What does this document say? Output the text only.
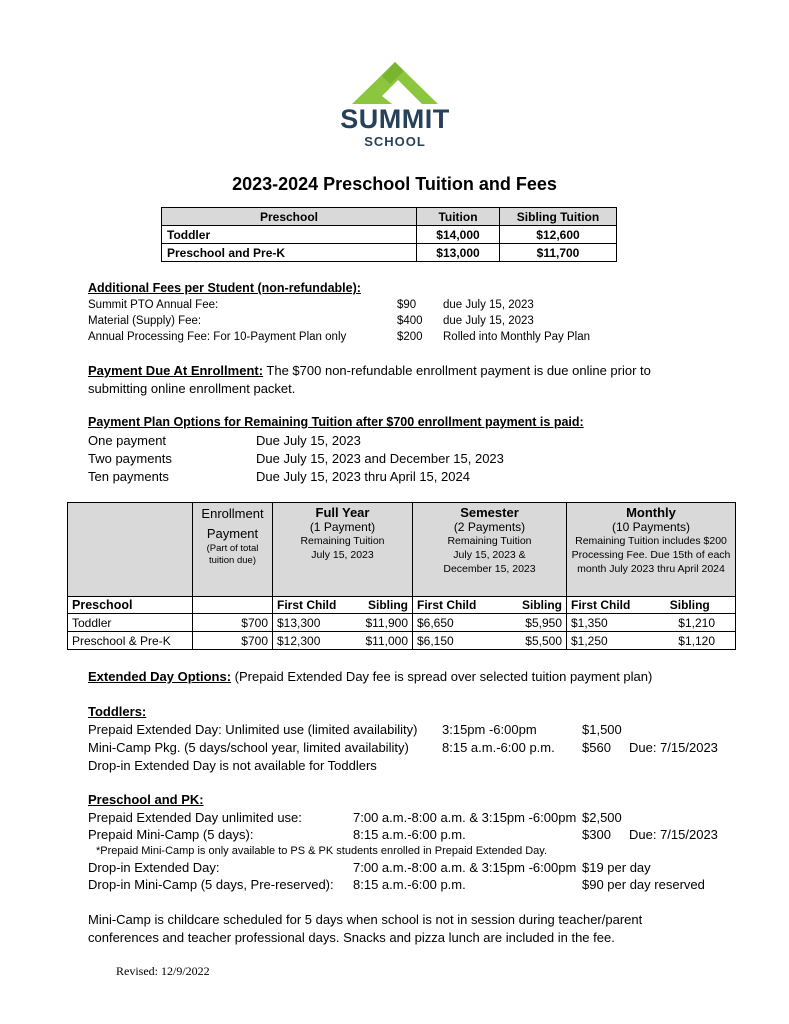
SUMMIT
SCHOOL
2023-2024 Preschool Tuition and Fees
Preschool	Tuition	Sibling Tuition
Toddler	$14,000	$12,600
Preschool and Pre-K	$13,000	$11,700
Additional Fees per Student (non-refundable):
Summit PTO Annual Fee:	$90 due July 15, 2023
Material (Supply) Fee:	$400 due July 15, 2023
Annual Processing Fee: For 10-Payment Plan only	$200 Rolled into Monthly Pay Plan
Payment Due At Enrollment: The $700 non-refundable enrollment payment is due online prior to
submitting online enrollment packet.
Payment Plan Options for Remaining Tuition after $700 enrollment payment is paid:
One payment	Due July 15, 2023
Two payments	Due July 15, 2023 and December 15, 2023
Ten payments	Due July 15, 2023 thru April 15, 2024

	Enrollment
Payment
(Part of total
tuition due)	Full Year
(1 Payment)
Remaining Tuition
July 15, 2023		Semester
(2 Payments)
Remaining Tuition
July 15, 2023 &
December 15, 2023		Monthly
(10 Payments)
Remaining Tuition includes $200
Processing Fee. Due 15th of each
month July 2023 thru April 2024	

Preschool		First Child	Sibling	First Child	Sibling	First Child	Sibling
Toddler	$700	$13,300	$11,900	$6,650	$5,950	$1,350	$1,210
Preschool & Pre-K	$700	$12,300	$11,000	$6,150	$5,500	$1,250	$1,120
Extended Day Options: (Prepaid Extended Day fee is spread over selected tuition payment plan)
Toddlers:
Prepaid Extended Day: Unlimited use (limited availability) 3:15pm -6:00pm	$1,500
Mini-Camp Pkg. (5 days/school year, limited availability)	8:15 a.m.-6:00 p.m. $560 Due: 7/15/2023
Drop-in Extended Day is not available for Toddlers
Preschool and PK:
Prepaid Extended Day unlimited use:	7:00 a.m.-8:00 a.m. & 3:15pm -6:00pm $2,500
Prepaid Mini-Camp (5 days):	8:15 a.m.-6:00 p.m.	$300 Due: 7/15/2023
*Prepaid Mini-Camp is only available to PS & PK students enrolled in Prepaid Extended Day.
Drop-in Extended Day:	7:00 a.m.-8:00 a.m. & 3:15pm -6:00pm $19 per day
Drop-in Mini-Camp (5 days, Pre-reserved): 8:15 a.m.-6:00 p.m.	$90 per day reserved
Mini-Camp is childcare scheduled for 5 days when school is not in session during teacher/parent
conferences and teacher professional days. Snacks and pizza lunch are included in the fee.
Revised: 12/9/2022
